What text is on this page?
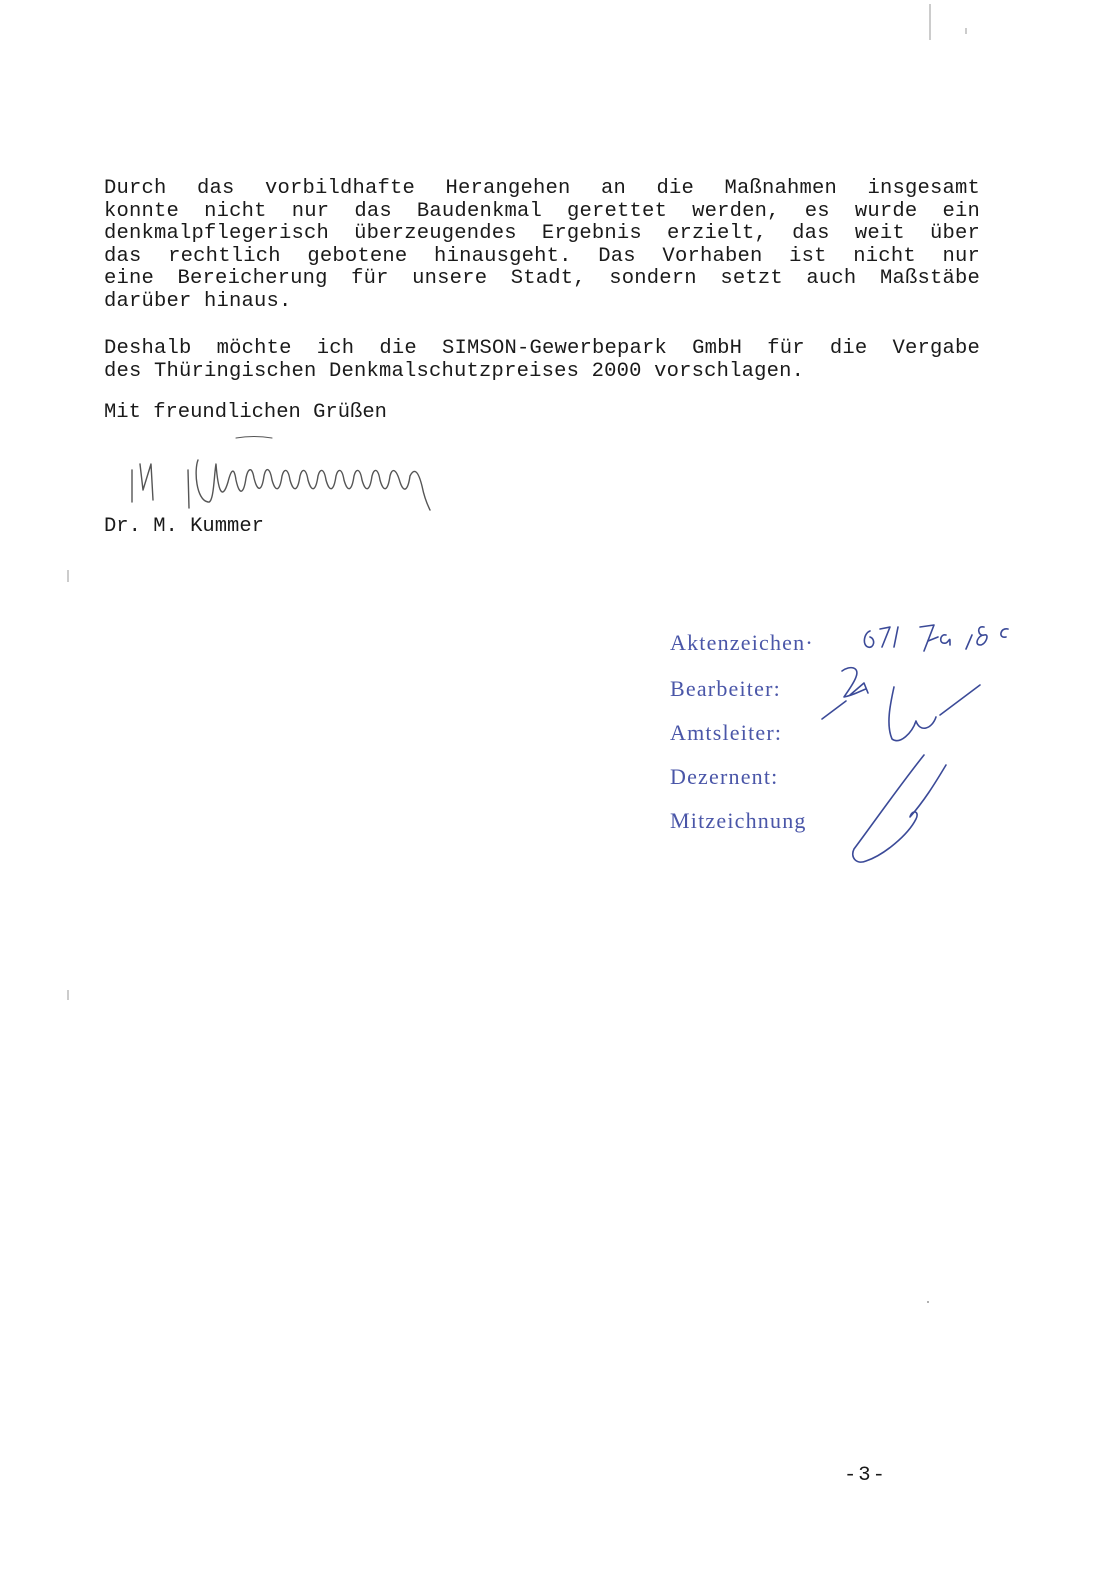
Durch das vorbildhafte Herangehen an die Maßnahmen insgesamt
konnte nicht nur das Baudenkmal gerettet werden, es wurde ein
denkmalpflegerisch überzeugendes Ergebnis erzielt, das weit über
das rechtlich gebotene hinausgeht. Das Vorhaben ist nicht nur
eine Bereicherung für unsere Stadt, sondern setzt auch Maßstäbe
darüber hinaus.
Deshalb möchte ich die SIMSON-Gewerbepark GmbH für die Vergabe
des Thüringischen Denkmalschutzpreises 2000 vorschlagen.
Mit freundlichen Grüßen
Dr. M. Kummer
Aktenzeichen·
Bearbeiter:
Amtsleiter:
Dezernent:
Mitzeichnung
-3-
